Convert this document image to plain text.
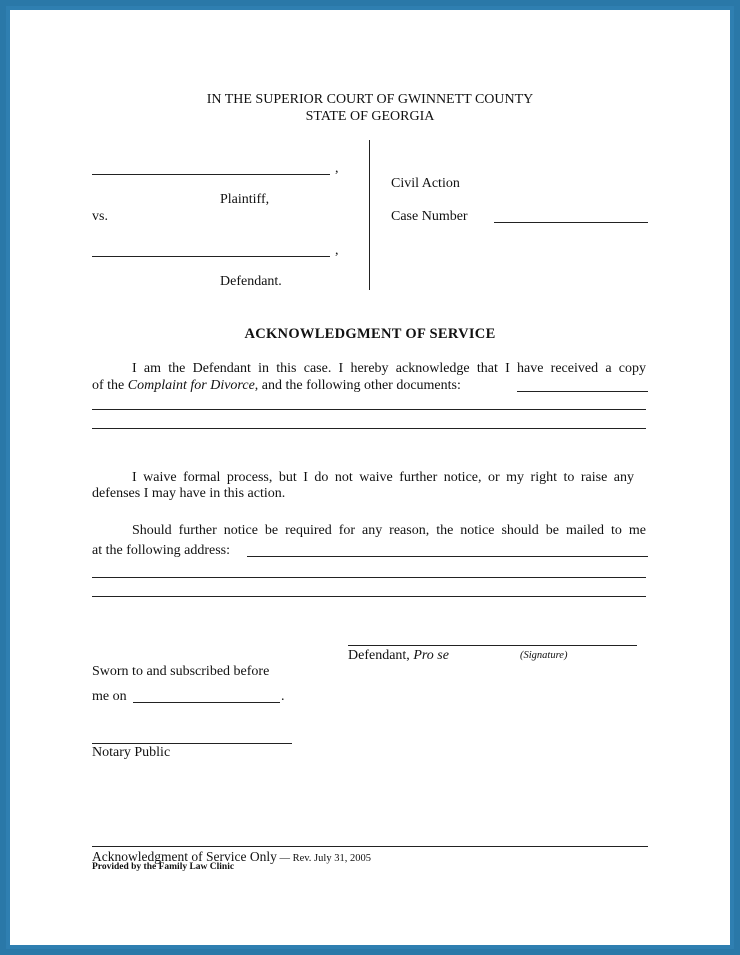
IN THE SUPERIOR COURT OF GWINNETT COUNTY
STATE OF GEORGIA
,
Plaintiff,
vs.
,
Defendant.
Civil Action
Case Number
ACKNOWLEDGMENT OF SERVICE
I am the Defendant in this case. I hereby acknowledge that I have received a copy
of the Complaint for Divorce, and the following other documents:
I waive formal process, but I do not waive further notice, or my right to raise any
defenses I may have in this action.
Should further notice be required for any reason, the notice should be mailed to me
at the following address:
Defendant, Pro se	(Signature)
Sworn to and subscribed before
me on	.
Notary Public
Acknowledgment of Service Only — Rev. July 31, 2005
Provided by the Family Law Clinic
